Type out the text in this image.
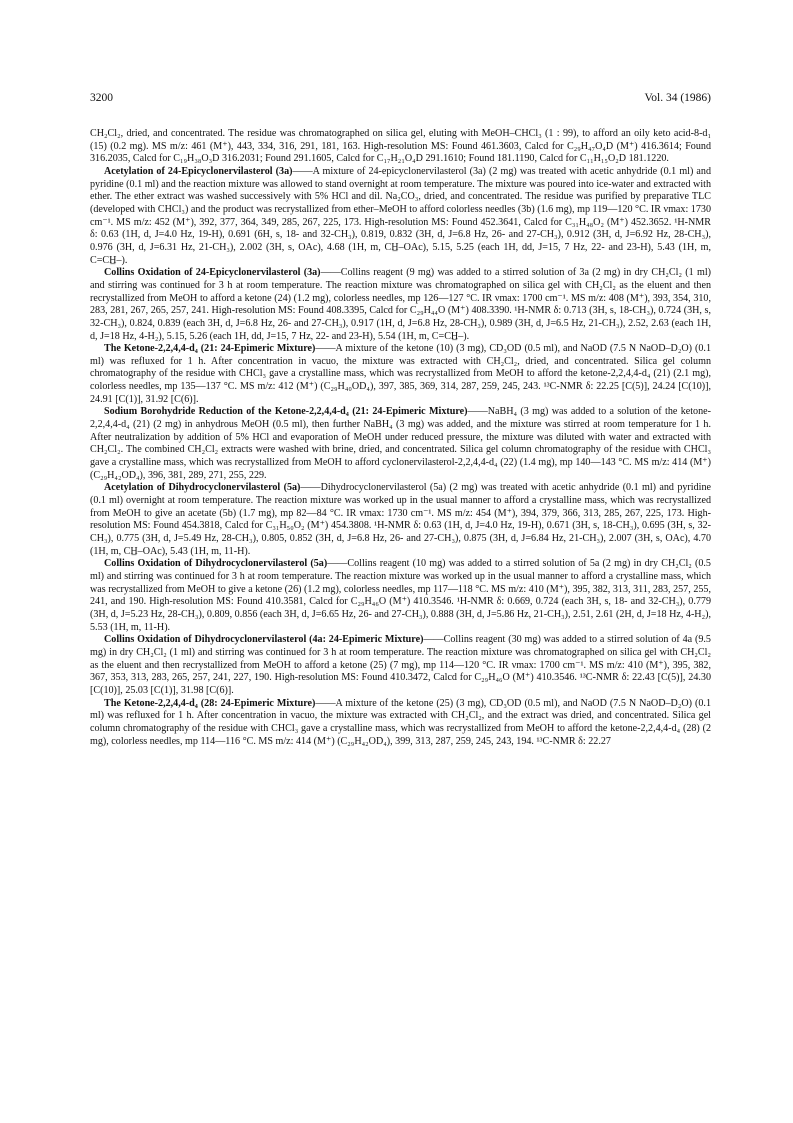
3200	Vol. 34 (1986)

CH₂Cl₂, dried, and concentrated. The residue was chromatographed on silica gel, eluting with MeOH–CHCl₃ (1 : 99), to afford an oily keto acid-8-d₁ (15) (0.2 mg). MS m/z: 461 (M⁺), 443, 334, 316, 291, 181, 163. High-resolution MS: Found 461.3603, Calcd for C₂₉H₄₇O₄D (M⁺) 416.3614; Found 316.2035, Calcd for C₁₉H₃₈O₃D 316.2031; Found 291.1605, Calcd for C₁₇H₂₁O₄D 291.1610; Found 181.1190, Calcd for C₁₁H₁₅O₂D 181.1220.

Acetylation of 24-Epicyclonervilasterol (3a)——A mixture of 24-epicyclonervilasterol (3a) (2 mg) was treated with acetic anhydride (0.1 ml) and pyridine (0.1 ml) and the reaction mixture was allowed to stand overnight at room temperature. The mixture was poured into ice-water and extracted with ether. The ether extract was washed successively with 5% HCl and dil. Na₂CO₃, dried, and concentrated. The residue was purified by preparative TLC (developed with CHCl₃) and the product was recrystallized from ether–MeOH to afford colorless needles (3b) (1.6 mg), mp 119—120 °C. IR νmax: 1730 cm⁻¹. MS m/z: 452 (M⁺), 392, 377, 364, 349, 285, 267, 225, 173. High-resolution MS: Found 452.3641, Calcd for C₃₁H₄₈O₂ (M⁺) 452.3652. ¹H-NMR δ: 0.63 (1H, d, J=4.0 Hz, 19-H), 0.691 (6H, s, 18- and 32-CH₃), 0.819, 0.832 (3H, d, J=6.8 Hz, 26- and 27-CH₃), 0.912 (3H, d, J=6.92 Hz, 28-CH₃), 0.976 (3H, d, J=6.31 Hz, 21-CH₃), 2.002 (3H, s, OAc), 4.68 (1H, m, CH̲–OAc), 5.15, 5.25 (each 1H, dd, J=15, 7 Hz, 22- and 23-H), 5.43 (1H, m, C=CH̲–).

Collins Oxidation of 24-Epicyclonervilasterol (3a)——Collins reagent (9 mg) was added to a stirred solution of 3a (2 mg) in dry CH₂Cl₂ (1 ml) and stirring was continued for 3 h at room temperature. The reaction mixture was chromatographed on silica gel with CH₂Cl₂ as the eluent and then recrystallized from MeOH to afford a ketone (24) (1.2 mg), colorless needles, mp 126—127 °C. IR νmax: 1700 cm⁻¹. MS m/z: 408 (M⁺), 393, 354, 310, 283, 281, 267, 265, 257, 241. High-resolution MS: Found 408.3395, Calcd for C₂₉H₄₄O (M⁺) 408.3390. ¹H-NMR δ: 0.713 (3H, s, 18-CH₃), 0.724 (3H, s, 32-CH₃), 0.824, 0.839 (each 3H, d, J=6.8 Hz, 26- and 27-CH₃), 0.917 (1H, d, J=6.8 Hz, 28-CH₃), 0.989 (3H, d, J=6.5 Hz, 21-CH₃), 2.52, 2.63 (each 1H, d, J=18 Hz, 4-H₂), 5.15, 5.26 (each 1H, dd, J=15, 7 Hz, 22- and 23-H), 5.54 (1H, m, C=CH̲–).

The Ketone-2,2,4,4-d₄ (21: 24-Epimeric Mixture)——A mixture of the ketone (10) (3 mg), CD₃OD (0.5 ml), and NaOD (7.5 N NaOD–D₂O) (0.1 ml) was refluxed for 1 h. After concentration in vacuo, the mixture was extracted with CH₂Cl₂, dried, and concentrated. Silica gel column chromatography of the residue with CHCl₃ gave a crystalline mass, which was recrystallized from MeOH to afford the ketone-2,2,4,4-d₄ (21) (2.1 mg), colorless needles, mp 135—137 °C. MS m/z: 412 (M⁺) (C₂₉H₄₀OD₄), 397, 385, 369, 314, 287, 259, 245, 243. ¹³C-NMR δ: 22.25 [C(5)], 24.24 [C(10)], 24.91 [C(1)], 31.92 [C(6)].

Sodium Borohydride Reduction of the Ketone-2,2,4,4-d₄ (21: 24-Epimeric Mixture)——NaBH₄ (3 mg) was added to a solution of the ketone-2,2,4,4-d₄ (21) (2 mg) in anhydrous MeOH (0.5 ml), then further NaBH₄ (3 mg) was added, and the mixture was stirred at room temperature for 1 h. After neutralization by addition of 5% HCl and evaporation of MeOH under reduced pressure, the mixture was diluted with water and extracted with CH₂Cl₂. The combined CH₂Cl₂ extracts were washed with brine, dried, and concentrated. Silica gel column chromatography of the residue with CHCl₃ gave a crystalline mass, which was recrystallized from MeOH to afford cyclonervilasterol-2,2,4,4-d₄ (22) (1.4 mg), mp 140—143 °C. MS m/z: 414 (M⁺) (C₂₉H₄₂OD₄), 396, 381, 289, 271, 255, 229.

Acetylation of Dihydrocyclonervilasterol (5a)——Dihydrocyclonervilasterol (5a) (2 mg) was treated with acetic anhydride (0.1 ml) and pyridine (0.1 ml) overnight at room temperature. The reaction mixture was worked up in the usual manner to afford a crystalline mass, which was recrystallized from MeOH to give an acetate (5b) (1.7 mg), mp 82—84 °C. IR νmax: 1730 cm⁻¹. MS m/z: 454 (M⁺), 394, 379, 366, 313, 285, 267, 225, 173. High-resolution MS: Found 454.3818, Calcd for C₃₁H₅₀O₂ (M⁺) 454.3808. ¹H-NMR δ: 0.63 (1H, d, J=4.0 Hz, 19-H), 0.671 (3H, s, 18-CH₃), 0.695 (3H, s, 32-CH₃), 0.775 (3H, d, J=5.49 Hz, 28-CH₃), 0.805, 0.852 (3H, d, J=6.8 Hz, 26- and 27-CH₃), 0.875 (3H, d, J=6.84 Hz, 21-CH₃), 2.007 (3H, s, OAc), 4.70 (1H, m, CH̲–OAc), 5.43 (1H, m, 11-H).

Collins Oxidation of Dihydrocyclonervilasterol (5a)——Collins reagent (10 mg) was added to a stirred solution of 5a (2 mg) in dry CH₂Cl₂ (0.5 ml) and stirring was continued for 3 h at room temperature. The reaction mixture was worked up in the usual manner to afford a crystalline mass, which was recrystallized from MeOH to give a ketone (26) (1.2 mg), colorless needles, mp 117—118 °C. MS m/z: 410 (M⁺), 395, 382, 313, 311, 283, 257, 255, 241, and 190. High-resolution MS: Found 410.3581, Calcd for C₂₉H₄₆O (M⁺) 410.3546. ¹H-NMR δ: 0.669, 0.724 (each 3H, s, 18- and 32-CH₃), 0.779 (3H, d, J=5.23 Hz, 28-CH₃), 0.809, 0.856 (each 3H, d, J=6.65 Hz, 26- and 27-CH₃), 0.888 (3H, d, J=5.86 Hz, 21-CH₃), 2.51, 2.61 (2H, d, J=18 Hz, 4-H₂), 5.53 (1H, m, 11-H).

Collins Oxidation of Dihydrocyclonervilasterol (4a: 24-Epimeric Mixture)——Collins reagent (30 mg) was added to a stirred solution of 4a (9.5 mg) in dry CH₂Cl₂ (1 ml) and stirring was continued for 3 h at room temperature. The reaction mixture was chromatographed on silica gel with CH₂Cl₂ as the eluent and then recrystallized from MeOH to afford a ketone (25) (7 mg), mp 114—120 °C. IR νmax: 1700 cm⁻¹. MS m/z: 410 (M⁺), 395, 382, 367, 353, 313, 283, 265, 257, 241, 227, 190. High-resolution MS: Found 410.3472, Calcd for C₂₉H₄₆O (M⁺) 410.3546. ¹³C-NMR δ: 22.43 [C(5)], 24.30 [C(10)], 25.03 [C(1)], 31.98 [C(6)].

The Ketone-2,2,4,4-d₄ (28: 24-Epimeric Mixture)——A mixture of the ketone (25) (3 mg), CD₃OD (0.5 ml), and NaOD (7.5 N NaOD–D₂O) (0.1 ml) was refluxed for 1 h. After concentration in vacuo, the mixture was extracted with CH₂Cl₂, and the extract was dried, and concentrated. Silica gel column chromatography of the residue with CHCl₃ gave a crystalline mass, which was recrystallized from MeOH to afford the ketone-2,2,4,4-d₄ (28) (2 mg), colorless needles, mp 114—116 °C. MS m/z: 414 (M⁺) (C₂₉H₄₂OD₄), 399, 313, 287, 259, 245, 243, 194. ¹³C-NMR δ: 22.27
